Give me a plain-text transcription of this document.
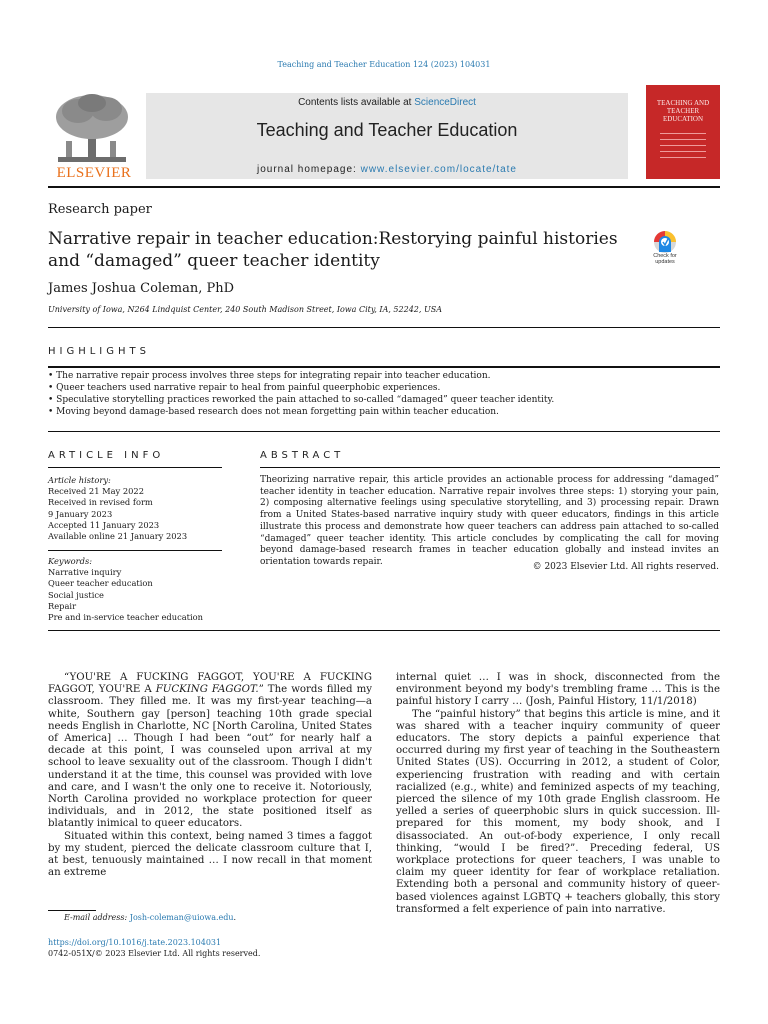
Teaching and Teacher Education 124 (2023) 104031
ELSEVIER
Contents lists available at ScienceDirect
Teaching and Teacher Education
journal homepage: www.elsevier.com/locate/tate
TEACHING AND TEACHER EDUCATION
Research paper
Narrative repair in teacher education:Restorying painful histories and “damaged” queer teacher identity	Check for updates
James Joshua Coleman, PhD
University of Iowa, N264 Lindquist Center, 240 South Madison Street, Iowa City, IA, 52242, USA
HIGHLIGHTS
• The narrative repair process involves three steps for integrating repair into teacher education.
• Queer teachers used narrative repair to heal from painful queerphobic experiences.
• Speculative storytelling practices reworked the pain attached to so-called “damaged” queer teacher identity.
• Moving beyond damage-based research does not mean forgetting pain within teacher education.
ARTICLE INFO	ABSTRACT
Article history:
Received 21 May 2022
Received in revised form
9 January 2023
Accepted 11 January 2023
Available online 21 January 2023
Keywords:
Narrative inquiry
Queer teacher education
Social justice
Repair
Pre and in-service teacher education
Theorizing narrative repair, this article provides an actionable process for addressing “damaged” teacher identity in teacher education. Narrative repair involves three steps: 1) storying your pain, 2) composing alternative feelings using speculative storytelling, and 3) processing repair. Drawn from a United States-based narrative inquiry study with queer educators, findings in this article illustrate this process and demonstrate how queer teachers can address pain attached to so-called “damaged” queer teacher identity. This article concludes by complicating the call for moving beyond damage-based research frames in teacher education globally and instead invites an orientation towards repair.
© 2023 Elsevier Ltd. All rights reserved.

“YOU'RE A FUCKING FAGGOT, YOU'RE A FUCKING FAGGOT, YOU'RE A FUCKING FAGGOT.” The words filled my classroom. They filled me. It was my first-year teaching—a white, Southern gay [person] teaching 10th grade special needs English in Charlotte, NC [North Carolina, United States of America] … Though I had been “out” for nearly half a decade at this point, I was counseled upon arrival at my school to leave sexuality out of the classroom. Though I didn't understand it at the time, this counsel was provided with love and care, and I wasn't the only one to receive it. Notoriously, North Carolina provided no workplace protection for queer individuals, and in 2012, the state positioned itself as blatantly inimical to queer educators.

Situated within this context, being named 3 times a faggot by my student, pierced the delicate classroom culture that I, at best, tenuously maintained … I now recall in that moment an extreme

internal quiet … I was in shock, disconnected from the environment beyond my body's trembling frame … This is the painful history I carry … (Josh, Painful History, 11/1/2018)

The “painful history” that begins this article is mine, and it was shared with a teacher inquiry community of queer educators. The story depicts a painful experience that occurred during my first year of teaching in the Southeastern United States (US). Occurring in 2012, a student of Color, experiencing frustration with reading and with certain racialized (e.g., white) and feminized aspects of my teaching, pierced the silence of my 10th grade English classroom. He yelled a series of queerphobic slurs in quick succession. Ill-prepared for this moment, my body shook, and I disassociated. An out-of-body experience, I only recall thinking, “would I be fired?”. Preceding federal, US workplace protections for queer teachers, I was unable to claim my queer identity for fear of workplace retaliation. Extending both a personal and community history of queer-based violences against LGBTQ + teachers globally, this story transformed a felt experience of pain into narrative.

E-mail address: Josh-coleman@uiowa.edu.
https://doi.org/10.1016/j.tate.2023.104031
0742-051X/© 2023 Elsevier Ltd. All rights reserved.
